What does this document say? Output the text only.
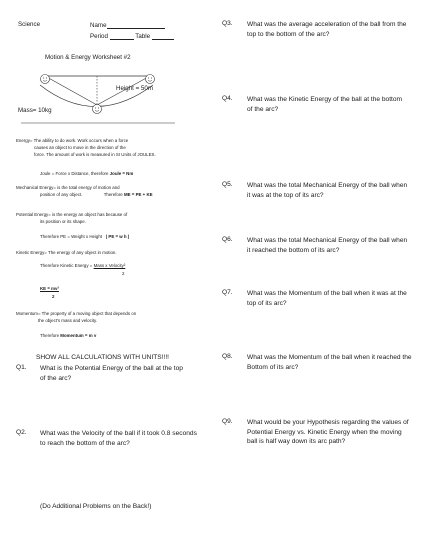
Science	Name
Period	Table
Motion & Energy Worksheet #2
Height = 50m
Mass= 10kg
Energy= The ability to do work. Work occurs when a force
causes an object to move in the direction of the
force. The amount of work is measured in SI Units of JOULES.
Joule = Force x Distance, therefore Joule = Nm
Mechanical Energy= is the total energy of motion and
position of any object.	Therefore ME = PE + KE
Potential Energy= is the energy an object has because of
its position or its shape.
Therefore PE = Weight x Height ( PE = w h )
Kinetic Energy= The energy of any object in motion.
Therefore Kinetic Energy = Mass x Velocity²
2
KE = mv²
2
Momentum= The property of a moving object that depends on
the object's mass and velocity.
Therefore Momentum = m v
SHOW ALL CALCULATIONS WITH UNITS!!!!
Q1. What is the Potential Energy of the ball at the top of the arc?
Q2. What was the Velocity of the ball if it took 0.8 seconds to reach the bottom of the arc?
Q3. What was the average acceleration of the ball from the top to the bottom of the arc?
Q4. What was the Kinetic Energy of the ball at the bottom of the arc?
Q5. What was the total Mechanical Energy of the ball when it was at the top of its arc?
Q6. What was the total Mechanical Energy of the ball when it reached the bottom of its arc?
Q7. What was the Momentum of the ball when it was at the top of its arc?
Q8. What was the Momentum of the ball when it reached the Bottom of its arc?
Q9. What would be your Hypothesis regarding the values of Potential Energy vs. Kinetic Energy when the moving ball is half way down its arc path?
(Do Additional Problems on the Back!)
